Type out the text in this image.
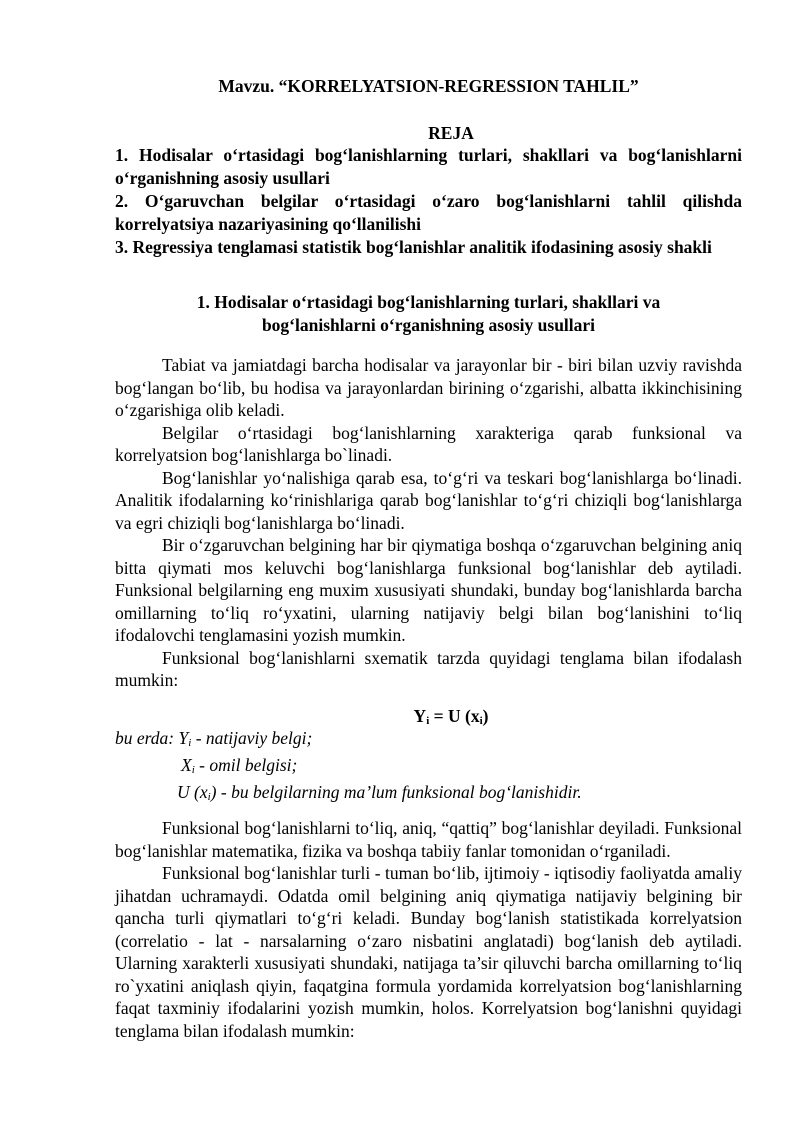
Mavzu. “KORRELYATSION-REGRESSION TAHLIL”
REJA

1. Hodisalar o‘rtasidagi bog‘lanishlarning turlari, shakllari va bog‘lanishlarni o‘rganishning asosiy usullari

2. O‘garuvchan belgilar o‘rtasidagi o‘zaro bog‘lanishlarni tahlil qilishda korrelyatsiya nazariyasining qo‘llanilishi

3. Regressiya tenglamasi statistik bog‘lanishlar analitik ifodasining asosiy shakli

1. Hodisalar o‘rtasidagi bog‘lanishlarning turlari, shakllari va
bog‘lanishlarni o‘rganishning asosiy usullari

Tabiat va jamiatdagi barcha hodisalar va jarayonlar bir - biri bilan uzviy ravishda bog‘langan bo‘lib, bu hodisa va jarayonlardan birining o‘zgarishi, albatta ikkinchisining o‘zgarishiga olib keladi.

Belgilar o‘rtasidagi bog‘lanishlarning xarakteriga qarab funksional va korrelyatsion bog‘lanishlarga bo`linadi.

Bog‘lanishlar yo‘nalishiga qarab esa, to‘g‘ri va teskari bog‘lanishlarga bo‘linadi. Analitik ifodalarning ko‘rinishlariga qarab bog‘lanishlar to‘g‘ri chiziqli bog‘lanishlarga va egri chiziqli bog‘lanishlarga bo‘linadi.

Bir o‘zgaruvchan belgining har bir qiymatiga boshqa o‘zgaruvchan belgining aniq bitta qiymati mos keluvchi bog‘lanishlarga funksional bog‘lanishlar deb aytiladi. Funksional belgilarning eng muxim xususiyati shundaki, bunday bog‘lanishlarda barcha omillarning to‘liq ro‘yxatini, ularning natijaviy belgi bilan bog‘lanishini to‘liq ifodalovchi tenglamasini yozish mumkin.

Funksional bog‘lanishlarni sxematik tarzda quyidagi tenglama bilan ifodalash mumkin:

$Y_i = U$ $(x_i)$
bu erda: $Y_i$ - natijaviy belgi;
$X_i$ - omil belgisi;
U $(x_i)$ - bu belgilarning ma’lum funksional bog‘lanishidir.

Funksional bog‘lanishlarni to‘liq, aniq, “qattiq” bog‘lanishlar deyiladi. Funksional bog‘lanishlar matematika, fizika va boshqa tabiiy fanlar tomonidan o‘rganiladi.

Funksional bog‘lanishlar turli - tuman bo‘lib, ijtimoiy - iqtisodiy faoliyatda amaliy jihatdan uchramaydi. Odatda omil belgining aniq qiymatiga natijaviy belgining bir qancha turli qiymatlari to‘g‘ri keladi. Bunday bog‘lanish statistikada korrelyatsion (correlatio - lat - narsalarning o‘zaro nisbatini anglatadi) bog‘lanish deb aytiladi. Ularning xarakterli xususiyati shundaki, natijaga ta’sir qiluvchi barcha omillarning to‘liq ro`yxatini aniqlash qiyin, faqatgina formula yordamida korrelyatsion bog‘lanishlarning faqat taxminiy ifodalarini yozish mumkin, holos. Korrelyatsion bog‘lanishni quyidagi tenglama bilan ifodalash mumkin:
